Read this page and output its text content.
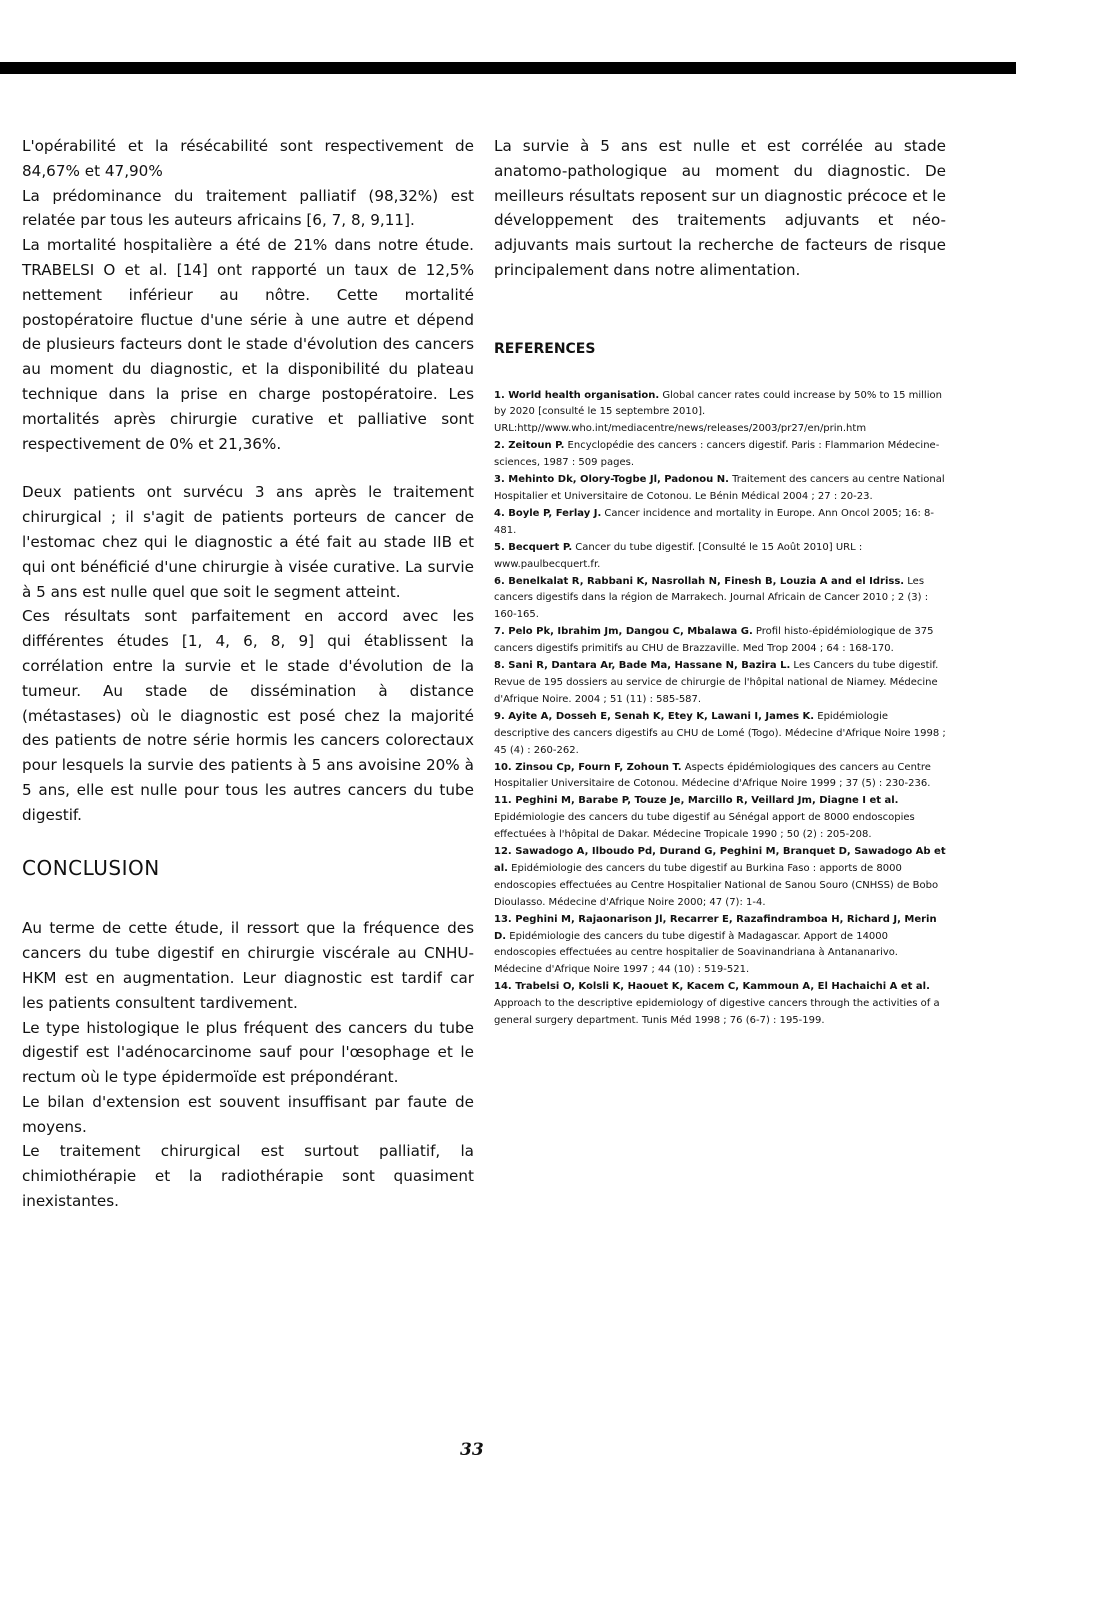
L'opérabilité et la résécabilité sont respectivement de 84,67% et 47,90%

La prédominance du traitement palliatif (98,32%) est relatée par tous les auteurs africains [6, 7, 8, 9,11].

La mortalité hospitalière a été de 21% dans notre étude. TRABELSI O et al. [14] ont rapporté un taux de 12,5% nettement inférieur au nôtre. Cette mortalité postopératoire fluctue d'une série à une autre et dépend de plusieurs facteurs dont le stade d'évolution des cancers au moment du diagnostic, et la disponibilité du plateau technique dans la prise en charge postopératoire. Les mortalités après chirurgie curative et palliative sont respectivement de 0% et 21,36%.

Deux patients ont survécu 3 ans après le traitement chirurgical ; il s'agit de patients porteurs de cancer de l'estomac chez qui le diagnostic a été fait au stade IIB et qui ont bénéficié d'une chirurgie à visée curative. La survie à 5 ans est nulle quel que soit le segment atteint.

Ces résultats sont parfaitement en accord avec les différentes études [1, 4, 6, 8, 9] qui établissent la corrélation entre la survie et le stade d'évolution de la tumeur. Au stade de dissémination à distance (métastases) où le diagnostic est posé chez la majorité des patients de notre série hormis les cancers colorectaux pour lesquels la survie des patients à 5 ans avoisine 20% à 5 ans, elle est nulle pour tous les autres cancers du tube digestif.

CONCLUSION

Au terme de cette étude, il ressort que la fréquence des cancers du tube digestif en chirurgie viscérale au CNHU-HKM est en augmentation. Leur diagnostic est tardif car les patients consultent tardivement.

Le type histologique le plus fréquent des cancers du tube digestif est l'adénocarcinome sauf pour l'œsophage et le rectum où le type épidermoïde est prépondérant.

Le bilan d'extension est souvent insuffisant par faute de moyens.

Le traitement chirurgical est surtout palliatif, la chimiothérapie et la radiothérapie sont quasiment inexistantes.

La survie à 5 ans est nulle et est corrélée au stade anatomo-pathologique au moment du diagnostic. De meilleurs résultats reposent sur un diagnostic précoce et le développement des traitements adjuvants et néo-adjuvants mais surtout la recherche de facteurs de risque principalement dans notre alimentation.

REFERENCES

1. World health organisation. Global cancer rates could increase by 50% to 15 million by 2020 [consulté le 15 septembre 2010]. URL:http//www.who.int/mediacentre/news/releases/2003/pr27/en/prin.htm

2. Zeitoun P. Encyclopédie des cancers : cancers digestif. Paris : Flammarion Médecine-sciences, 1987 : 509 pages.

3. Mehinto Dk, Olory-Togbe Jl, Padonou N. Traitement des cancers au centre National Hospitalier et Universitaire de Cotonou. Le Bénin Médical 2004 ; 27 : 20-23.

4. Boyle P, Ferlay J. Cancer incidence and mortality in Europe. Ann Oncol 2005; 16: 8-481.

5. Becquert P. Cancer du tube digestif. [Consulté le 15 Août 2010] URL : www.paulbecquert.fr.

6. Benelkalat R, Rabbani K, Nasrollah N, Finesh B, Louzia A and el Idriss. Les cancers digestifs dans la région de Marrakech. Journal Africain de Cancer 2010 ; 2 (3) : 160-165.

7. Pelo Pk, Ibrahim Jm, Dangou C, Mbalawa G. Profil histo-épidémiologique de 375 cancers digestifs primitifs au CHU de Brazzaville. Med Trop 2004 ; 64 : 168-170.

8. Sani R, Dantara Ar, Bade Ma, Hassane N, Bazira L. Les Cancers du tube digestif. Revue de 195 dossiers au service de chirurgie de l'hôpital national de Niamey. Médecine d'Afrique Noire. 2004 ; 51 (11) : 585-587.

9. Ayite A, Dosseh E, Senah K, Etey K, Lawani I, James K. Epidémiologie descriptive des cancers digestifs au CHU de Lomé (Togo). Médecine d'Afrique Noire 1998 ; 45 (4) : 260-262.

10. Zinsou Cp, Fourn F, Zohoun T. Aspects épidémiologiques des cancers au Centre Hospitalier Universitaire de Cotonou. Médecine d'Afrique Noire 1999 ; 37 (5) : 230-236.

11. Peghini M, Barabe P, Touze Je, Marcillo R, Veillard Jm, Diagne I et al. Epidémiologie des cancers du tube digestif au Sénégal apport de 8000 endoscopies effectuées à l'hôpital de Dakar. Médecine Tropicale 1990 ; 50 (2) : 205-208.

12. Sawadogo A, Ilboudo Pd, Durand G, Peghini M, Branquet D, Sawadogo Ab et al. Epidémiologie des cancers du tube digestif au Burkina Faso : apports de 8000 endoscopies effectuées au Centre Hospitalier National de Sanou Souro (CNHSS) de Bobo Dioulasso. Médecine d'Afrique Noire 2000; 47 (7): 1-4.

13. Peghini M, Rajaonarison Jl, Recarrer E, Razafindramboa H, Richard J, Merin D. Epidémiologie des cancers du tube digestif à Madagascar. Apport de 14000 endoscopies effectuées au centre hospitalier de Soavinandriana à Antananarivo. Médecine d'Afrique Noire 1997 ; 44 (10) : 519-521.

14. Trabelsi O, Kolsli K, Haouet K, Kacem C, Kammoun A, El Hachaichi A et al. Approach to the descriptive epidemiology of digestive cancers through the activities of a general surgery department. Tunis Méd 1998 ; 76 (6-7) : 195-199.

33
